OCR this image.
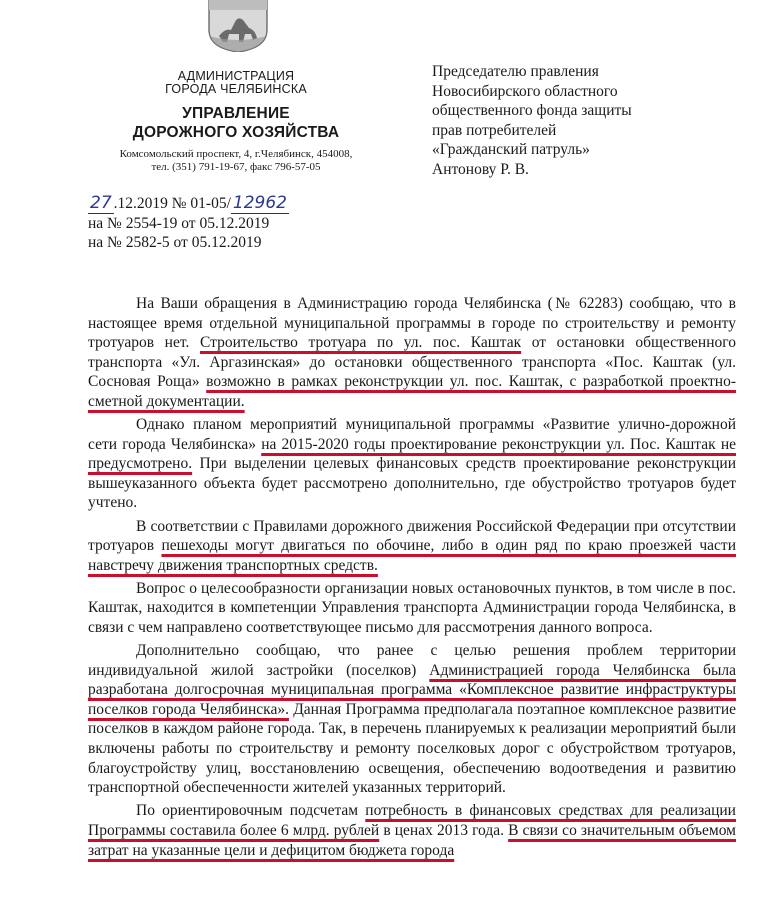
АДМИНИСТРАЦИЯ
ГОРОДА ЧЕЛЯБИНСКА
УПРАВЛЕНИЕ
ДОРОЖНОГО ХОЗЯЙСТВА
Комсомольский проспект, 4, г.Челябинск, 454008,
тел. (351) 791-19-67, факс 796-57-05
Председателю правления
Новосибирского областного
общественного фонда защиты
прав потребителей
«Гражданский патруль»
Антонову Р. В.
27 .12.2019 № 01-05/ 12962
на № 2554-19 от 05.12.2019
на № 2582-5 от 05.12.2019

На Ваши обращения в Администрацию города Челябинска (№ 62283) сообщаю, что в настоящее время отдельной муниципальной программы в городе по строительству и ремонту тротуаров нет. Строительство тротуара по ул. пос. Каштак от остановки общественного транспорта «Ул. Аргазинская» до остановки общественного транспорта «Пос. Каштак (ул. Сосновая Роща» возможно в рамках реконструкции ул. пос. Каштак, с разработкой проектно-сметной документации.

Однако планом мероприятий муниципальной программы «Развитие улично-дорожной сети города Челябинска» на 2015-2020 годы проектирование реконструкции ул. Пос. Каштак не предусмотрено. При выделении целевых финансовых средств проектирование реконструкции вышеуказанного объекта будет рассмотрено дополнительно, где обустройство тротуаров будет учтено.

В соответствии с Правилами дорожного движения Российской Федерации при отсутствии тротуаров пешеходы могут двигаться по обочине, либо в один ряд по краю проезжей части навстречу движения транспортных средств.

Вопрос о целесообразности организации новых остановочных пунктов, в том числе в пос. Каштак, находится в компетенции Управления транспорта Администрации города Челябинска, в связи с чем направлено соответствующее письмо для рассмотрения данного вопроса.

Дополнительно сообщаю, что ранее с целью решения проблем территории индивидуальной жилой застройки (поселков) Администрацией города Челябинска была разработана долгосрочная муниципальная программа «Комплексное развитие инфраструктуры поселков города Челябинска». Данная Программа предполагала поэтапное комплексное развитие поселков в каждом районе города. Так, в перечень планируемых к реализации мероприятий были включены работы по строительству и ремонту поселковых дорог с обустройством тротуаров, благоустройству улиц, восстановлению освещения, обеспечению водоотведения и развитию транспортной обеспеченности жителей указанных территорий.

По ориентировочным подсчетам потребность в финансовых средствах для реализации Программы составила более 6 млрд. рублей в ценах 2013 года. В связи со значительным объемом затрат на указанные цели и дефицитом бюджета города
